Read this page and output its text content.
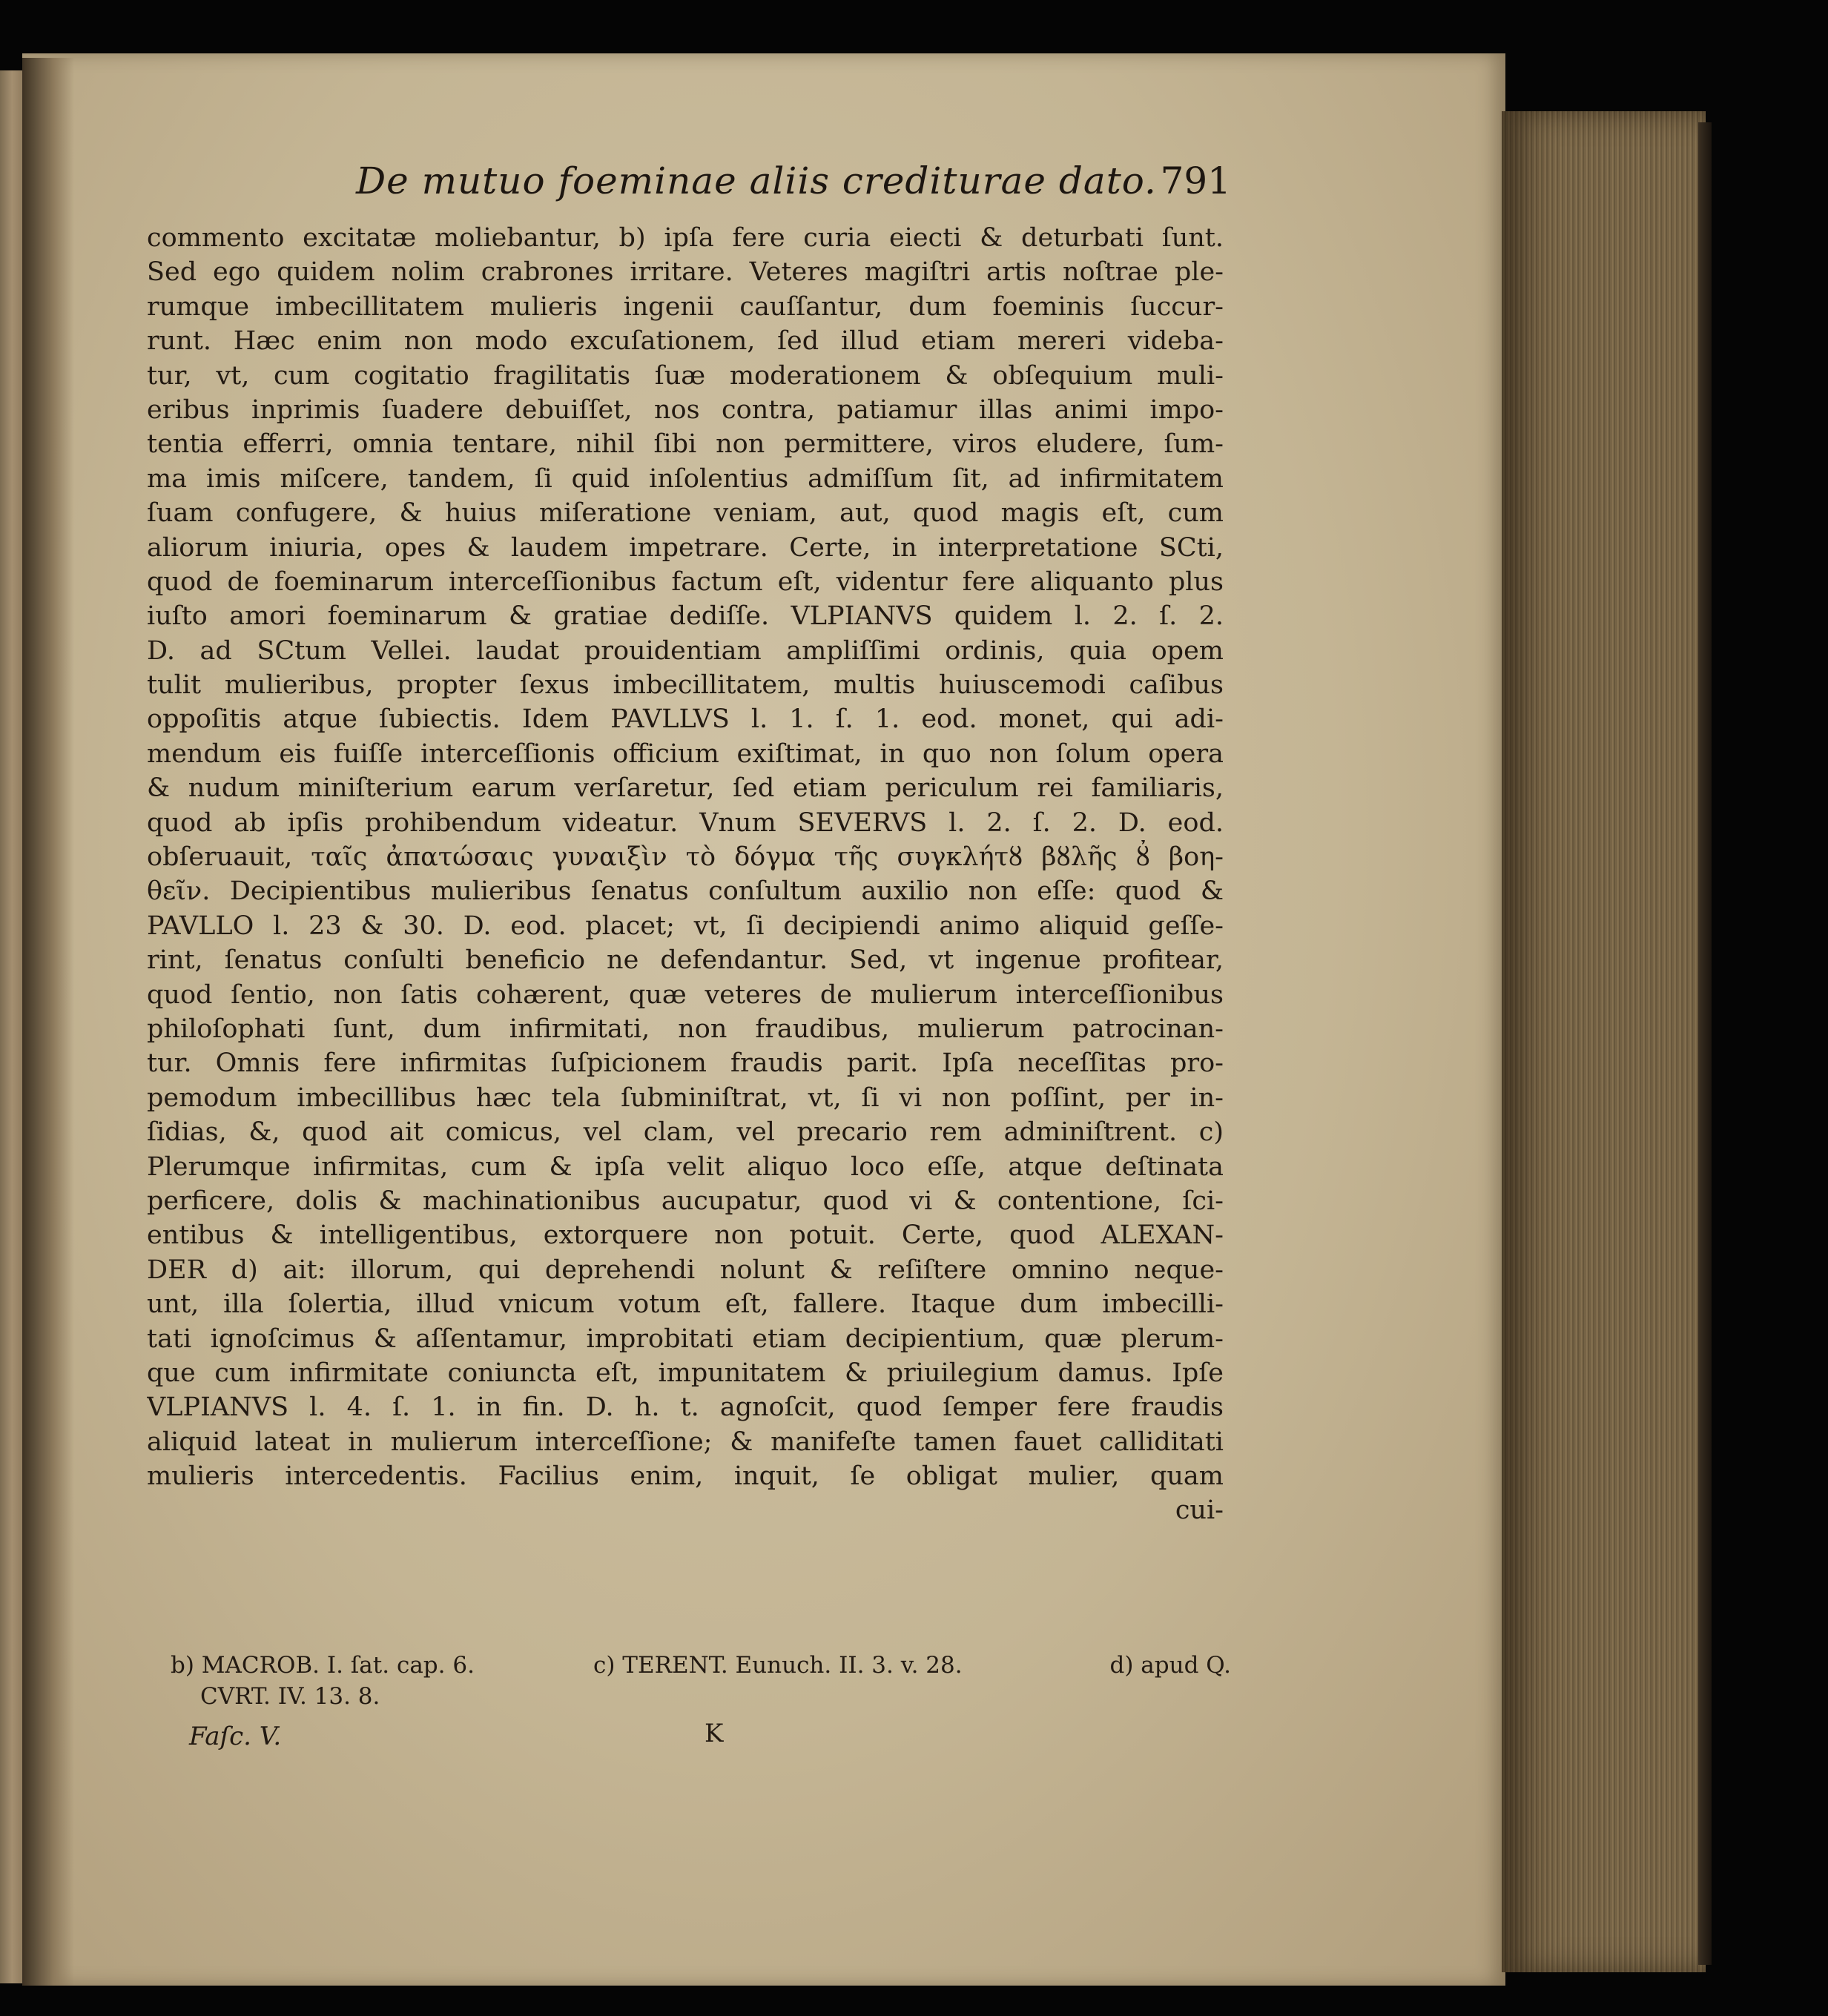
De mutuo foeminae aliis crediturae dato. 791
commento excitatæ moliebantur, b) ipſa fere curia eiecti & deturbati ſunt.
Sed ego quidem nolim crabrones irritare. Veteres magiſtri artis noſtrae ple-
rumque imbecillitatem mulieris ingenii cauſſantur, dum foeminis ſuccur-
runt. Hæc enim non modo excuſationem, ſed illud etiam mereri videba-
tur, vt, cum cogitatio fragilitatis ſuæ moderationem & obſequium muli-
eribus inprimis ſuadere debuiſſet, nos contra, patiamur illas animi impo-
tentia efferri, omnia tentare, nihil ſibi non permittere, viros eludere, ſum-
ma imis miſcere, tandem, ſi quid inſolentius admiſſum ſit, ad infirmitatem
ſuam confugere, & huius miſeratione veniam, aut, quod magis eſt, cum
aliorum iniuria, opes & laudem impetrare. Certe, in interpretatione SCti,
quod de foeminarum interceſſionibus factum eſt, videntur fere aliquanto plus
iuſto amori foeminarum & gratiae dediſſe. VLPIANVS quidem l. 2. ſ. 2.
D. ad SCtum Vellei. laudat prouidentiam ampliſſimi ordinis, quia opem
tulit mulieribus, propter ſexus imbecillitatem, multis huiuscemodi caſibus
oppoſitis atque ſubiectis. Idem PAVLLVS l. 1. ſ. 1. eod. monet, qui adi-
mendum eis fuiſſe interceſſionis officium exiſtimat, in quo non ſolum opera
& nudum miniſterium earum verſaretur, ſed etiam periculum rei familiaris,
quod ab ipſis prohibendum videatur. Vnum SEVERVS l. 2. ſ. 2. D. eod.
obſeruauit, ταῖς ἀπατώσαις γυναιξὶν τὸ δόγμα τῆς συγκλήτȣ βȣλῆς ȣ̓ βοη-
θεῖν. Decipientibus mulieribus ſenatus conſultum auxilio non eſſe: quod &
PAVLLO l. 23 & 30. D. eod. placet; vt, ſi decipiendi animo aliquid geſſe-
rint, ſenatus conſulti beneficio ne defendantur. Sed, vt ingenue profitear,
quod ſentio, non ſatis cohærent, quæ veteres de mulierum interceſſionibus
philoſophati ſunt, dum infirmitati, non fraudibus, mulierum patrocinan-
tur. Omnis fere infirmitas ſuſpicionem fraudis parit. Ipſa neceſſitas pro-
pemodum imbecillibus hæc tela ſubminiſtrat, vt, ſi vi non poſſint, per in-
ſidias, &, quod ait comicus, vel clam, vel precario rem adminiſtrent. c)
Plerumque infirmitas, cum & ipſa velit aliquo loco eſſe, atque deſtinata
perficere, dolis & machinationibus aucupatur, quod vi & contentione, ſci-
entibus & intelligentibus, extorquere non potuit. Certe, quod ALEXAN-
DER d) ait: illorum, qui deprehendi nolunt & reſiſtere omnino neque-
unt, illa ſolertia, illud vnicum votum eſt, fallere. Itaque dum imbecilli-
tati ignoſcimus & aſſentamur, improbitati etiam decipientium, quæ plerum-
que cum infirmitate coniuncta eſt, impunitatem & priuilegium damus. Ipſe
VLPIANVS l. 4. ſ. 1. in fin. D. h. t. agnoſcit, quod ſemper fere fraudis
aliquid lateat in mulierum interceſſione; & manifeſte tamen fauet calliditati
mulieris intercedentis. Facilius enim, inquit, ſe obligat mulier, quam
cui-
b) MACROB. I. ſat. cap. 6.	c) TERENT. Eunuch. II. 3. v. 28.	d) apud Q.
CVRT. IV. 13. 8.
Faſc. V.	K
